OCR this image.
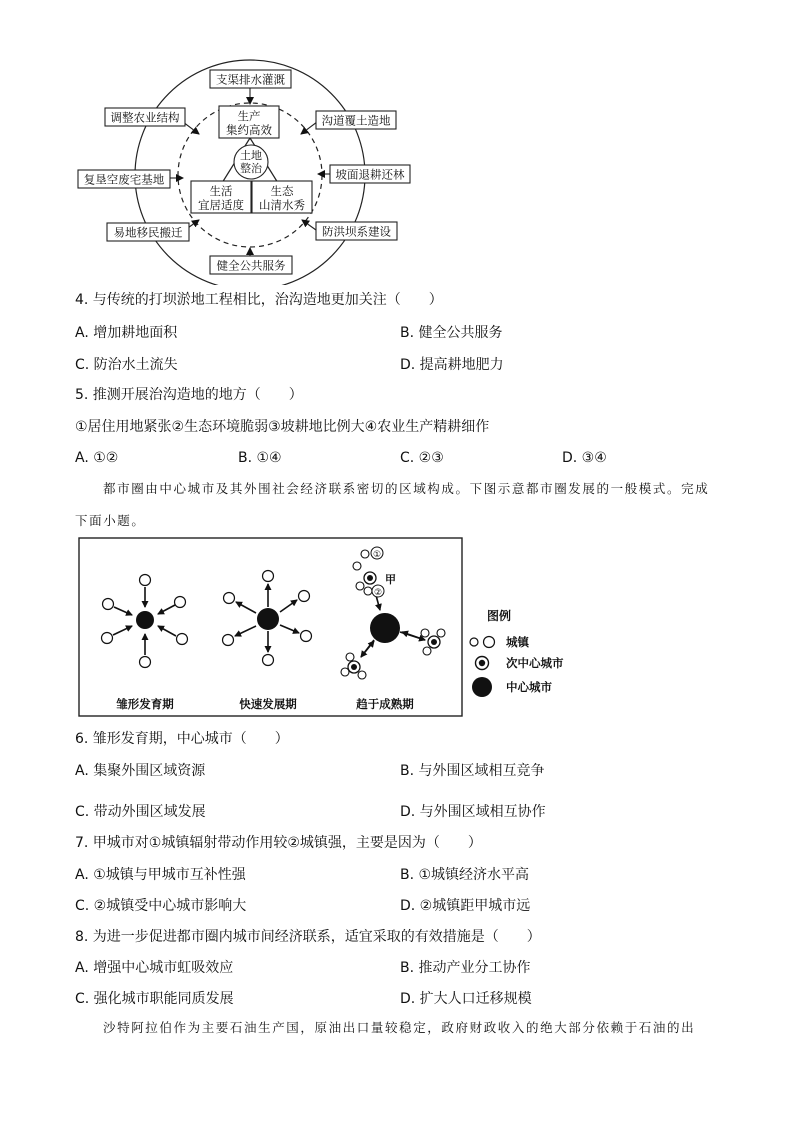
生产
集约高效
土地
整治
生活
宜居适度
生态
山清水秀
支渠排水灌溉
调整农业结构	沟道覆土造地
复垦空废宅基地	坡面退耕还林
易地移民搬迁	防洪坝系建设
健全公共服务
4. 与传统的打坝淤地工程相比，治沟造地更加关注（　　）
A. 增加耕地面积	B. 健全公共服务
C. 防治水土流失	D. 提高耕地肥力
5. 推测开展治沟造地的地方（　　）
①居住用地紧张②生态环境脆弱③坡耕地比例大④农业生产精耕细作
A. ①②	B. ①④	C. ②③	D. ③④
都市圈由中心城市及其外围社会经济联系密切的区域构成。下图示意都市圈发展的一般模式。完成
下面小题。
雏形发育期	快速发展期
①
甲
②
趋于成熟期
图例
城镇
次中心城市
中心城市
6. 雏形发育期，中心城市（　　）
A. 集聚外围区域资源	B. 与外围区域相互竞争
C. 带动外围区域发展	D. 与外围区域相互协作
7. 甲城市对①城镇辐射带动作用较②城镇强，主要是因为（　　）
A. ①城镇与甲城市互补性强	B. ①城镇经济水平高
C. ②城镇受中心城市影响大	D. ②城镇距甲城市远
8. 为进一步促进都市圈内城市间经济联系，适宜采取的有效措施是（　　）
A. 增强中心城市虹吸效应	B. 推动产业分工协作
C. 强化城市职能同质发展	D. 扩大人口迁移规模
沙特阿拉伯作为主要石油生产国，原油出口量较稳定，政府财政收入的绝大部分依赖于石油的出
